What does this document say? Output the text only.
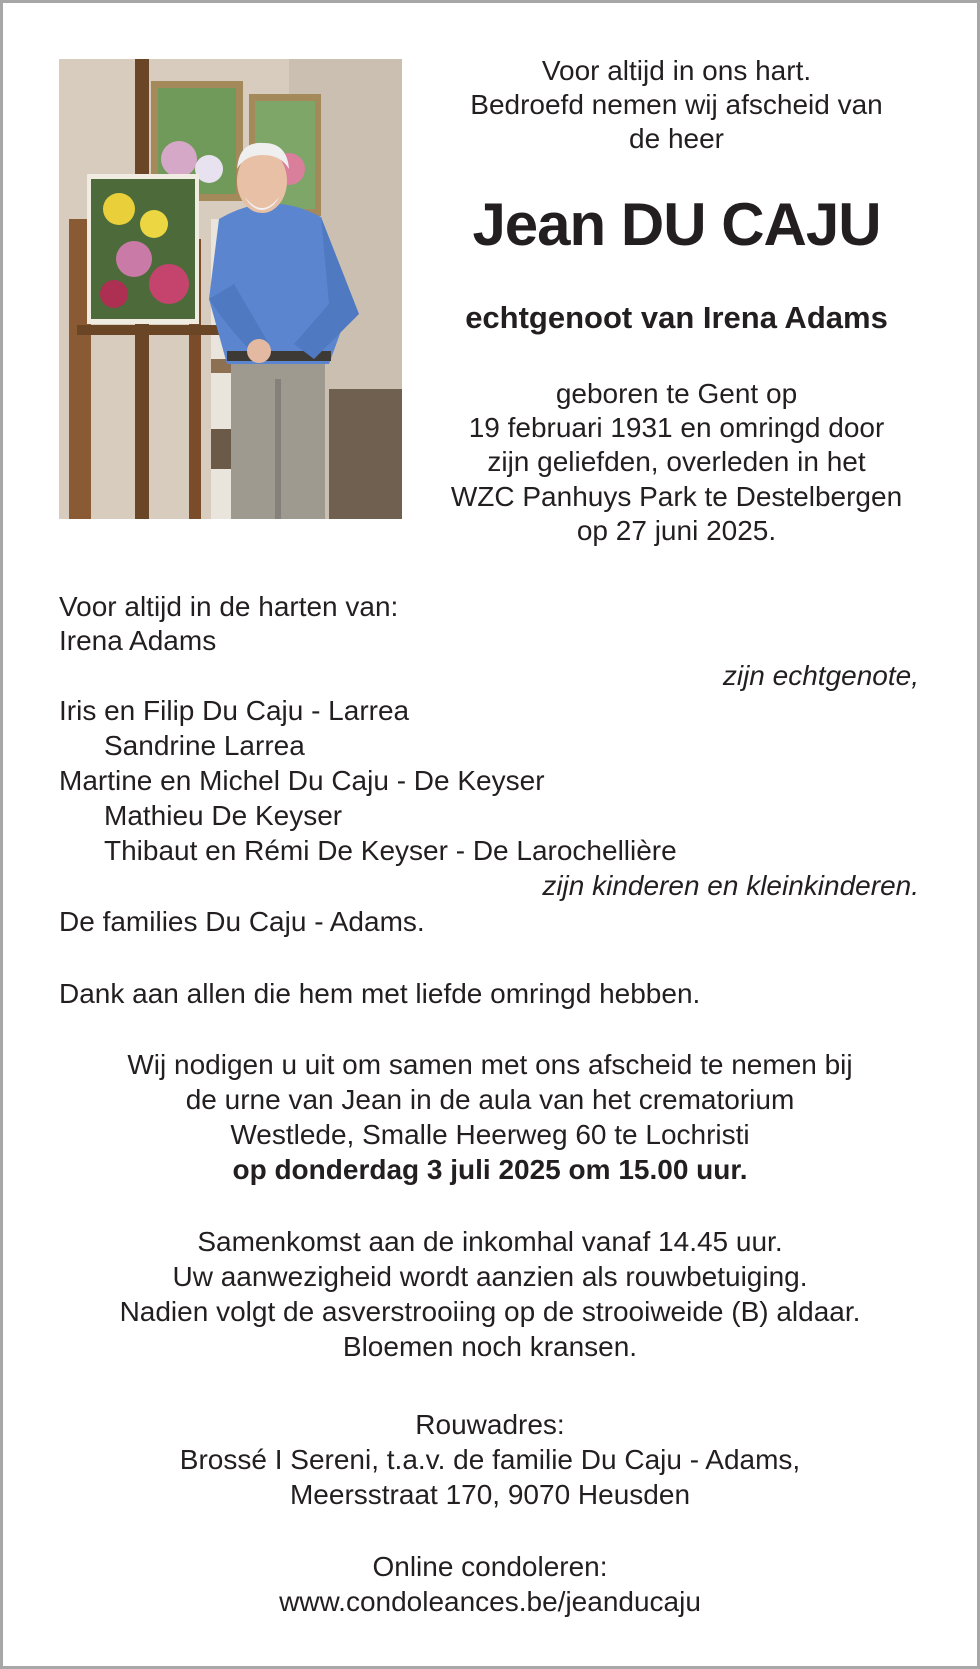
Voor altijd in ons hart.
Bedroefd nemen wij afscheid van
de heer
Jean DU CAJU
echtgenoot van Irena Adams
geboren te Gent op
19 februari 1931 en omringd door
zijn geliefden, overleden in het
WZC Panhuys Park te Destelbergen
op 27 juni 2025.
Voor altijd in de harten van:
Irena Adams
zijn echtgenote,
Iris en Filip Du Caju - Larrea
Sandrine Larrea
Martine en Michel Du Caju - De Keyser
Mathieu De Keyser
Thibaut en Rémi De Keyser - De Larochellière
zijn kinderen en kleinkinderen.
De families Du Caju - Adams.
Dank aan allen die hem met liefde omringd hebben.
Wij nodigen u uit om samen met ons afscheid te nemen bij
de urne van Jean in de aula van het crematorium
Westlede, Smalle Heerweg 60 te Lochristi
op donderdag 3 juli 2025 om 15.00 uur.
Samenkomst aan de inkomhal vanaf 14.45 uur.
Uw aanwezigheid wordt aanzien als rouwbetuiging.
Nadien volgt de asverstrooiing op de strooiweide (B) aldaar.
Bloemen noch kransen.
Rouwadres:
Brossé I Sereni, t.a.v. de familie Du Caju - Adams,
Meersstraat 170, 9070 Heusden
Online condoleren:
www.condoleances.be/jeanducaju
